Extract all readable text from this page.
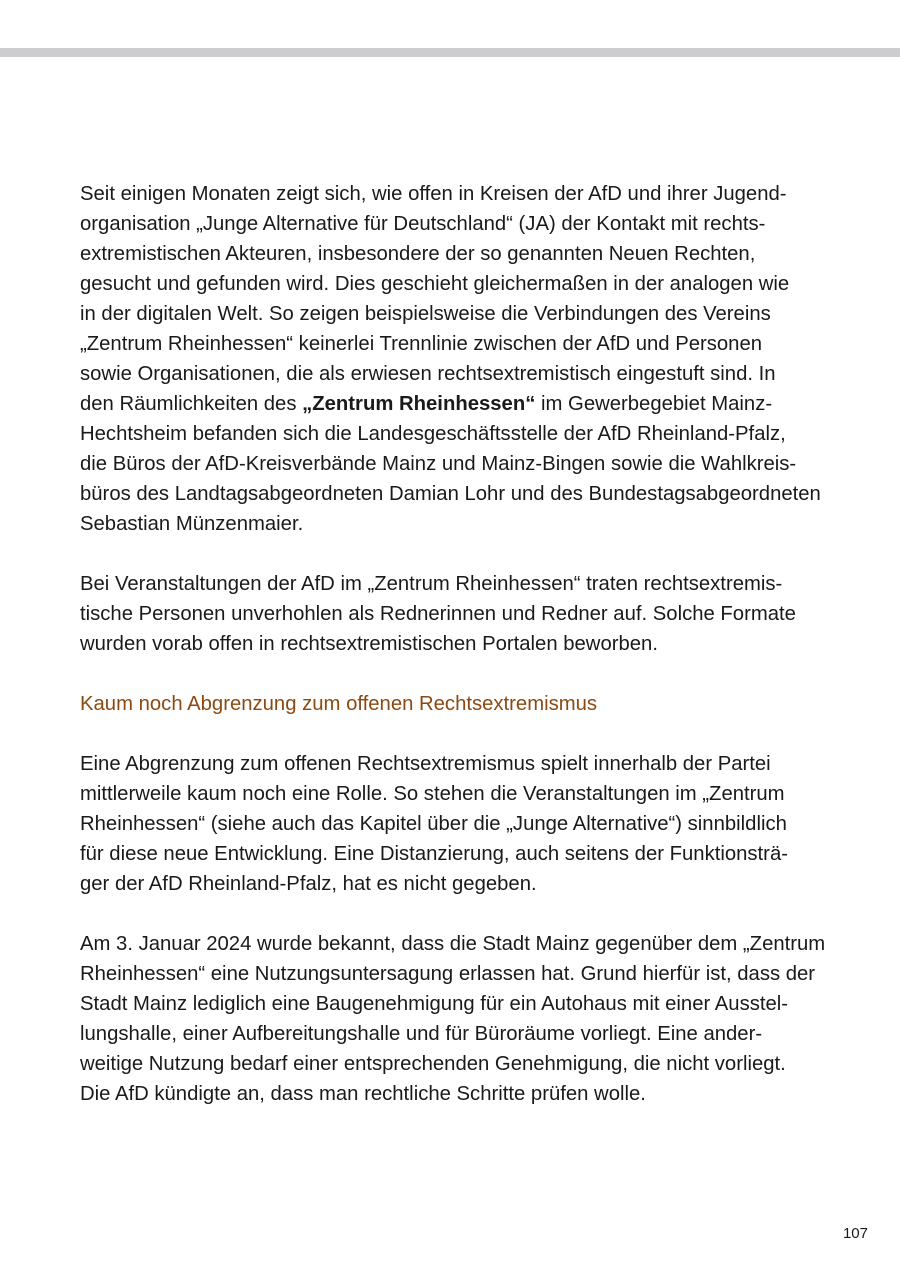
Seit einigen Monaten zeigt sich, wie offen in Kreisen der AfD und ihrer Jugend-
organisation „Junge Alternative für Deutschland“ (JA) der Kontakt mit rechts-
extremistischen Akteuren, insbesondere der so genannten Neuen Rechten,
gesucht und gefunden wird. Dies geschieht gleichermaßen in der analogen wie
in der digitalen Welt. So zeigen beispielsweise die Verbindungen des Vereins
„Zentrum Rheinhessen“ keinerlei Trennlinie zwischen der AfD und Personen
sowie Organisationen, die als erwiesen rechtsextremistisch eingestuft sind. In
den Räumlichkeiten des „Zentrum Rheinhessen“ im Gewerbegebiet Mainz-
Hechtsheim befanden sich die Landesgeschäftsstelle der AfD Rheinland-Pfalz,
die Büros der AfD-Kreisverbände Mainz und Mainz-Bingen sowie die Wahlkreis-
büros des Landtagsabgeordneten Damian Lohr und des Bundestagsabgeordneten
Sebastian Münzenmaier.

Bei Veranstaltungen der AfD im „Zentrum Rheinhessen“ traten rechtsextremis-
tische Personen unverhohlen als Rednerinnen und Redner auf. Solche Formate
wurden vorab offen in rechtsextremistischen Portalen beworben.

Kaum noch Abgrenzung zum offenen Rechtsextremismus

Eine Abgrenzung zum offenen Rechtsextremismus spielt innerhalb der Partei
mittlerweile kaum noch eine Rolle. So stehen die Veranstaltungen im „Zentrum
Rheinhessen“ (siehe auch das Kapitel über die „Junge Alternative“) sinnbildlich
für diese neue Entwicklung. Eine Distanzierung, auch seitens der Funktionsträ-
ger der AfD Rheinland-Pfalz, hat es nicht gegeben.

Am 3. Januar 2024 wurde bekannt, dass die Stadt Mainz gegenüber dem „Zentrum
Rheinhessen“ eine Nutzungsuntersagung erlassen hat. Grund hierfür ist, dass der
Stadt Mainz lediglich eine Baugenehmigung für ein Autohaus mit einer Ausstel-
lungshalle, einer Aufbereitungshalle und für Büroräume vorliegt. Eine ander-
weitige Nutzung bedarf einer entsprechenden Genehmigung, die nicht vorliegt.
Die AfD kündigte an, dass man rechtliche Schritte prüfen wolle.

107
